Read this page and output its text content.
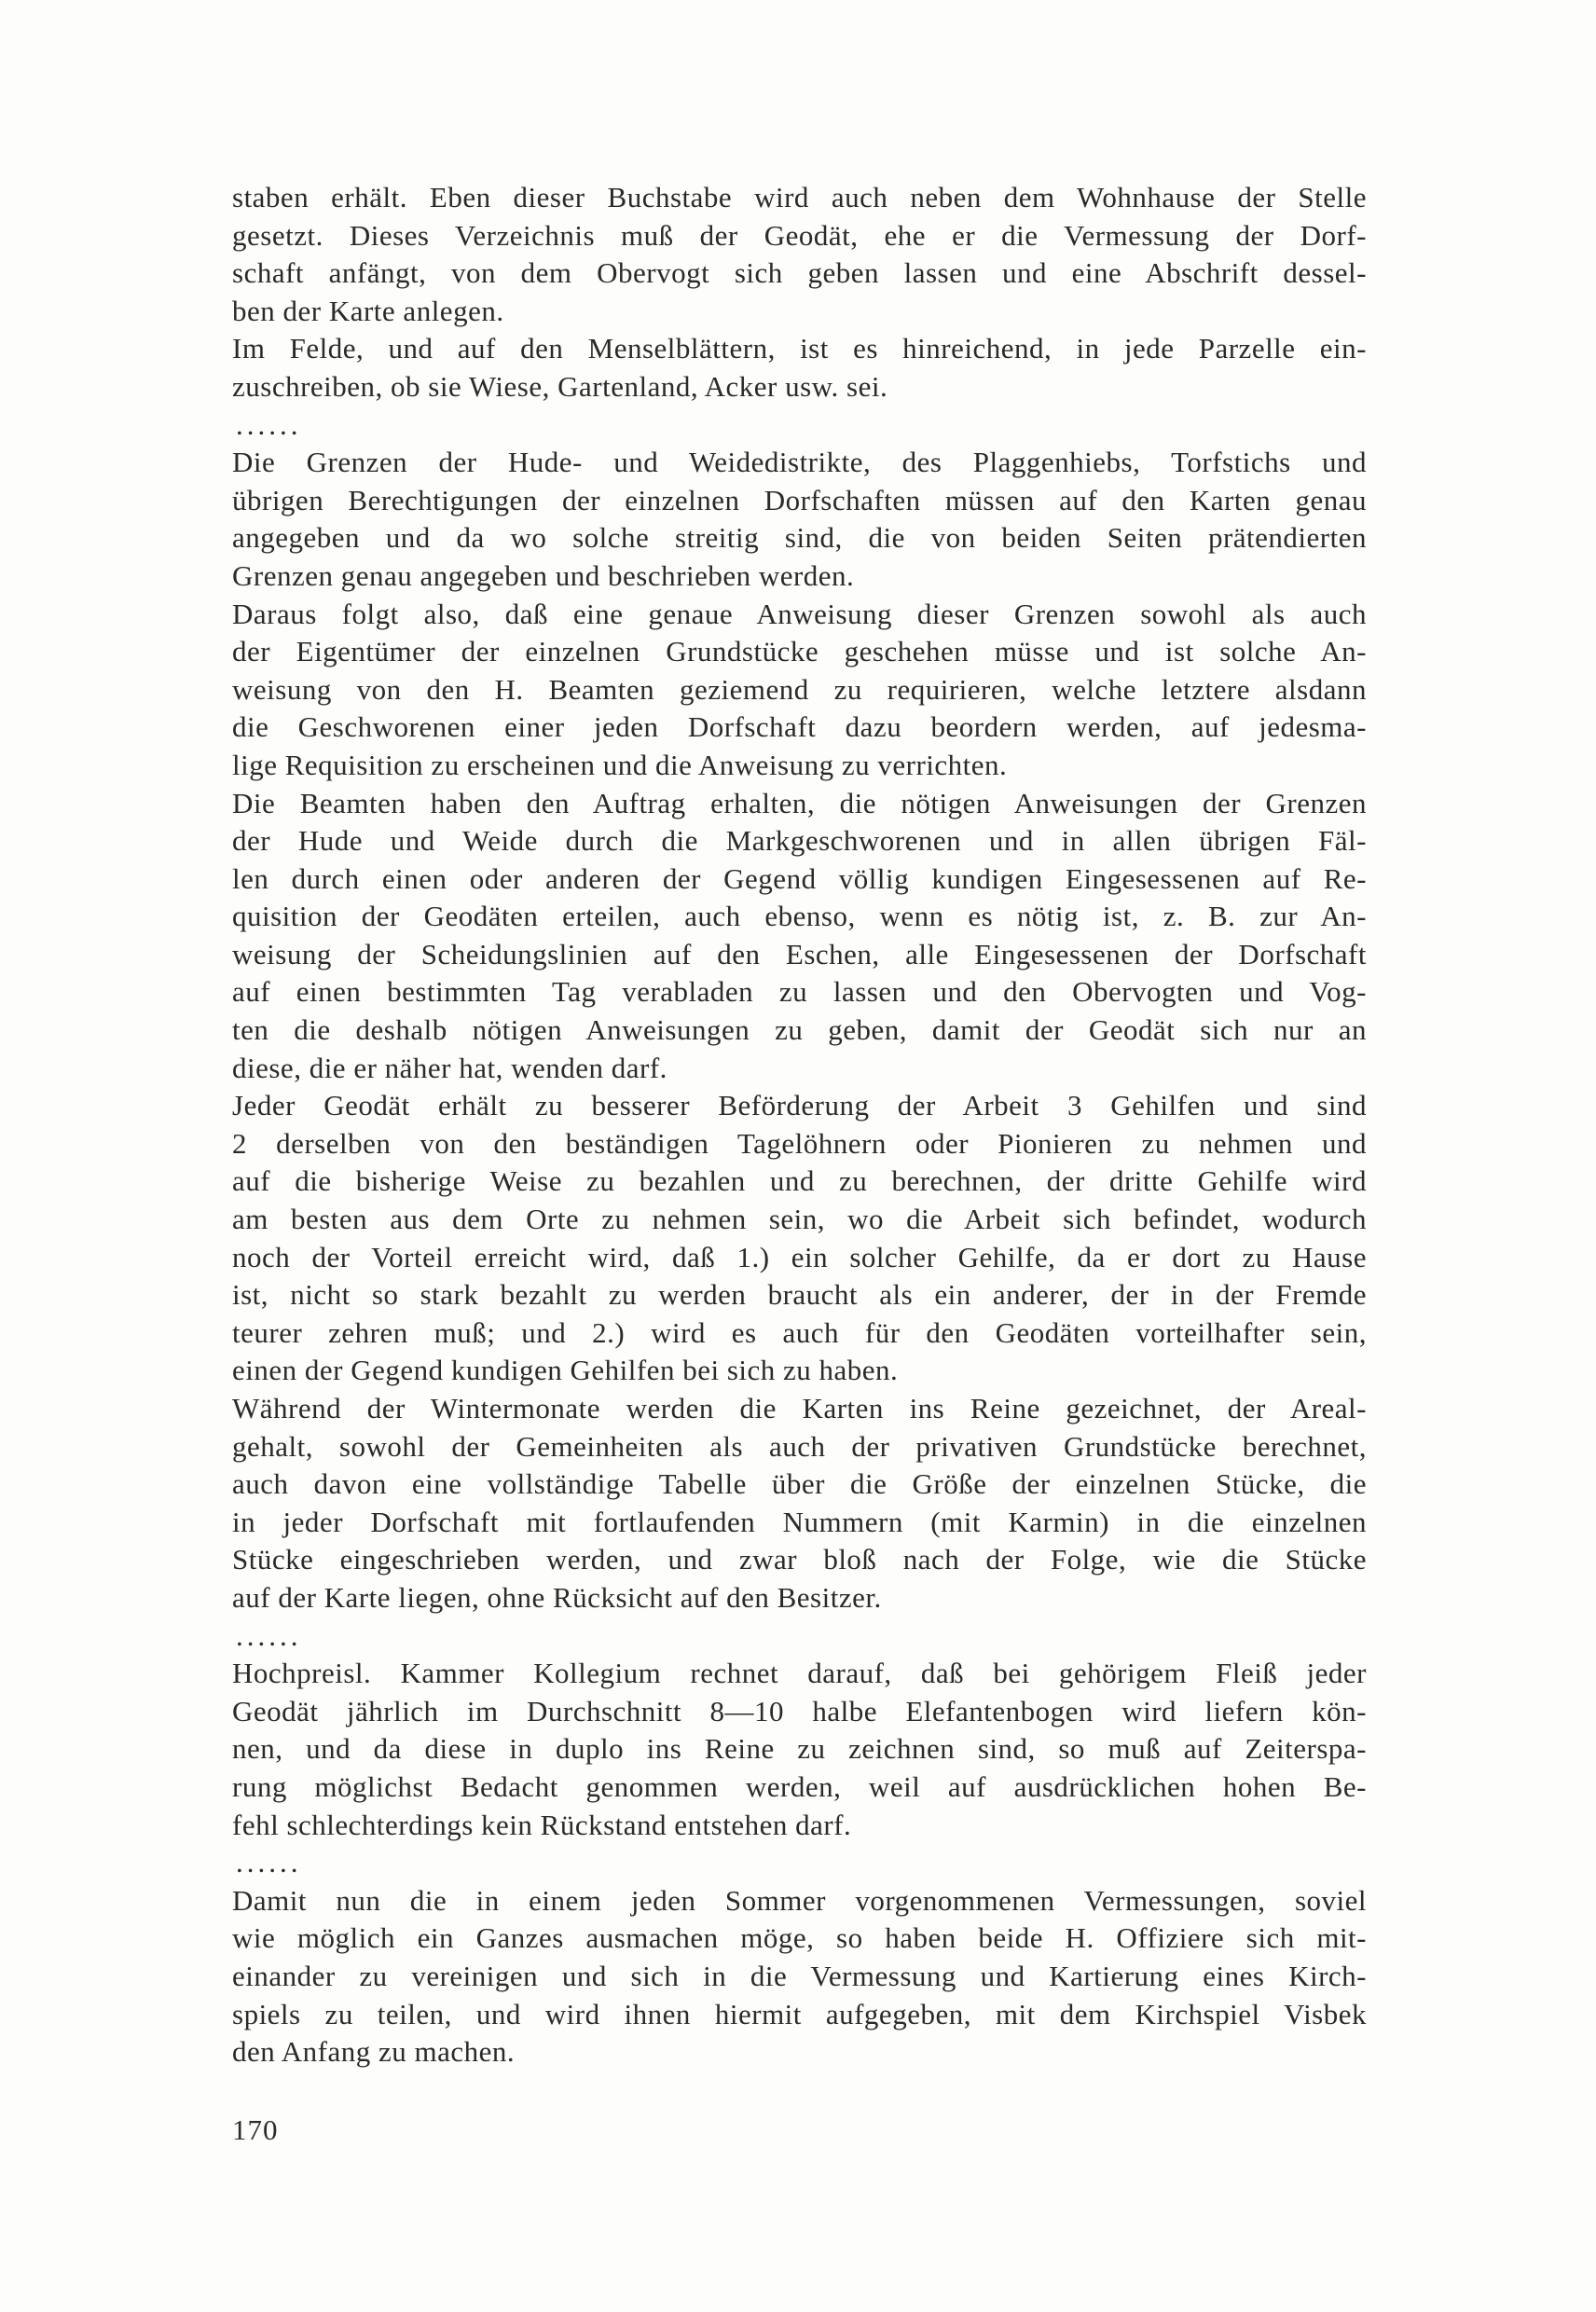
staben erhält. Eben dieser Buchstabe wird auch neben dem Wohnhause der Stelle
gesetzt. Dieses Verzeichnis muß der Geodät, ehe er die Vermessung der Dorf-
schaft anfängt, von dem Obervogt sich geben lassen und eine Abschrift dessel-
ben der Karte anlegen.
Im Felde, und auf den Menselblättern, ist es hinreichend, in jede Parzelle ein-
zuschreiben, ob sie Wiese, Gartenland, Acker usw. sei.
......
Die Grenzen der Hude- und Weidedistrikte, des Plaggenhiebs, Torfstichs und
übrigen Berechtigungen der einzelnen Dorfschaften müssen auf den Karten genau
angegeben und da wo solche streitig sind, die von beiden Seiten prätendierten
Grenzen genau angegeben und beschrieben werden.
Daraus folgt also, daß eine genaue Anweisung dieser Grenzen sowohl als auch
der Eigentümer der einzelnen Grundstücke geschehen müsse und ist solche An-
weisung von den H. Beamten geziemend zu requirieren, welche letztere alsdann
die Geschworenen einer jeden Dorfschaft dazu beordern werden, auf jedesma-
lige Requisition zu erscheinen und die Anweisung zu verrichten.
Die Beamten haben den Auftrag erhalten, die nötigen Anweisungen der Grenzen
der Hude und Weide durch die Markgeschworenen und in allen übrigen Fäl-
len durch einen oder anderen der Gegend völlig kundigen Eingesessenen auf Re-
quisition der Geodäten erteilen, auch ebenso, wenn es nötig ist, z. B. zur An-
weisung der Scheidungslinien auf den Eschen, alle Eingesessenen der Dorfschaft
auf einen bestimmten Tag verabladen zu lassen und den Obervogten und Vog-
ten die deshalb nötigen Anweisungen zu geben, damit der Geodät sich nur an
diese, die er näher hat, wenden darf.
Jeder Geodät erhält zu besserer Beförderung der Arbeit 3 Gehilfen und sind
2 derselben von den beständigen Tagelöhnern oder Pionieren zu nehmen und
auf die bisherige Weise zu bezahlen und zu berechnen, der dritte Gehilfe wird
am besten aus dem Orte zu nehmen sein, wo die Arbeit sich befindet, wodurch
noch der Vorteil erreicht wird, daß 1.) ein solcher Gehilfe, da er dort zu Hause
ist, nicht so stark bezahlt zu werden braucht als ein anderer, der in der Fremde
teurer zehren muß; und 2.) wird es auch für den Geodäten vorteilhafter sein,
einen der Gegend kundigen Gehilfen bei sich zu haben.
Während der Wintermonate werden die Karten ins Reine gezeichnet, der Areal-
gehalt, sowohl der Gemeinheiten als auch der privativen Grundstücke berechnet,
auch davon eine vollständige Tabelle über die Größe der einzelnen Stücke, die
in jeder Dorfschaft mit fortlaufenden Nummern (mit Karmin) in die einzelnen
Stücke eingeschrieben werden, und zwar bloß nach der Folge, wie die Stücke
auf der Karte liegen, ohne Rücksicht auf den Besitzer.
......
Hochpreisl. Kammer Kollegium rechnet darauf, daß bei gehörigem Fleiß jeder
Geodät jährlich im Durchschnitt 8—10 halbe Elefantenbogen wird liefern kön-
nen, und da diese in duplo ins Reine zu zeichnen sind, so muß auf Zeiterspa-
rung möglichst Bedacht genommen werden, weil auf ausdrücklichen hohen Be-
fehl schlechterdings kein Rückstand entstehen darf.
......
Damit nun die in einem jeden Sommer vorgenommenen Vermessungen, soviel
wie möglich ein Ganzes ausmachen möge, so haben beide H. Offiziere sich mit-
einander zu vereinigen und sich in die Vermessung und Kartierung eines Kirch-
spiels zu teilen, und wird ihnen hiermit aufgegeben, mit dem Kirchspiel Visbek
den Anfang zu machen.
170
